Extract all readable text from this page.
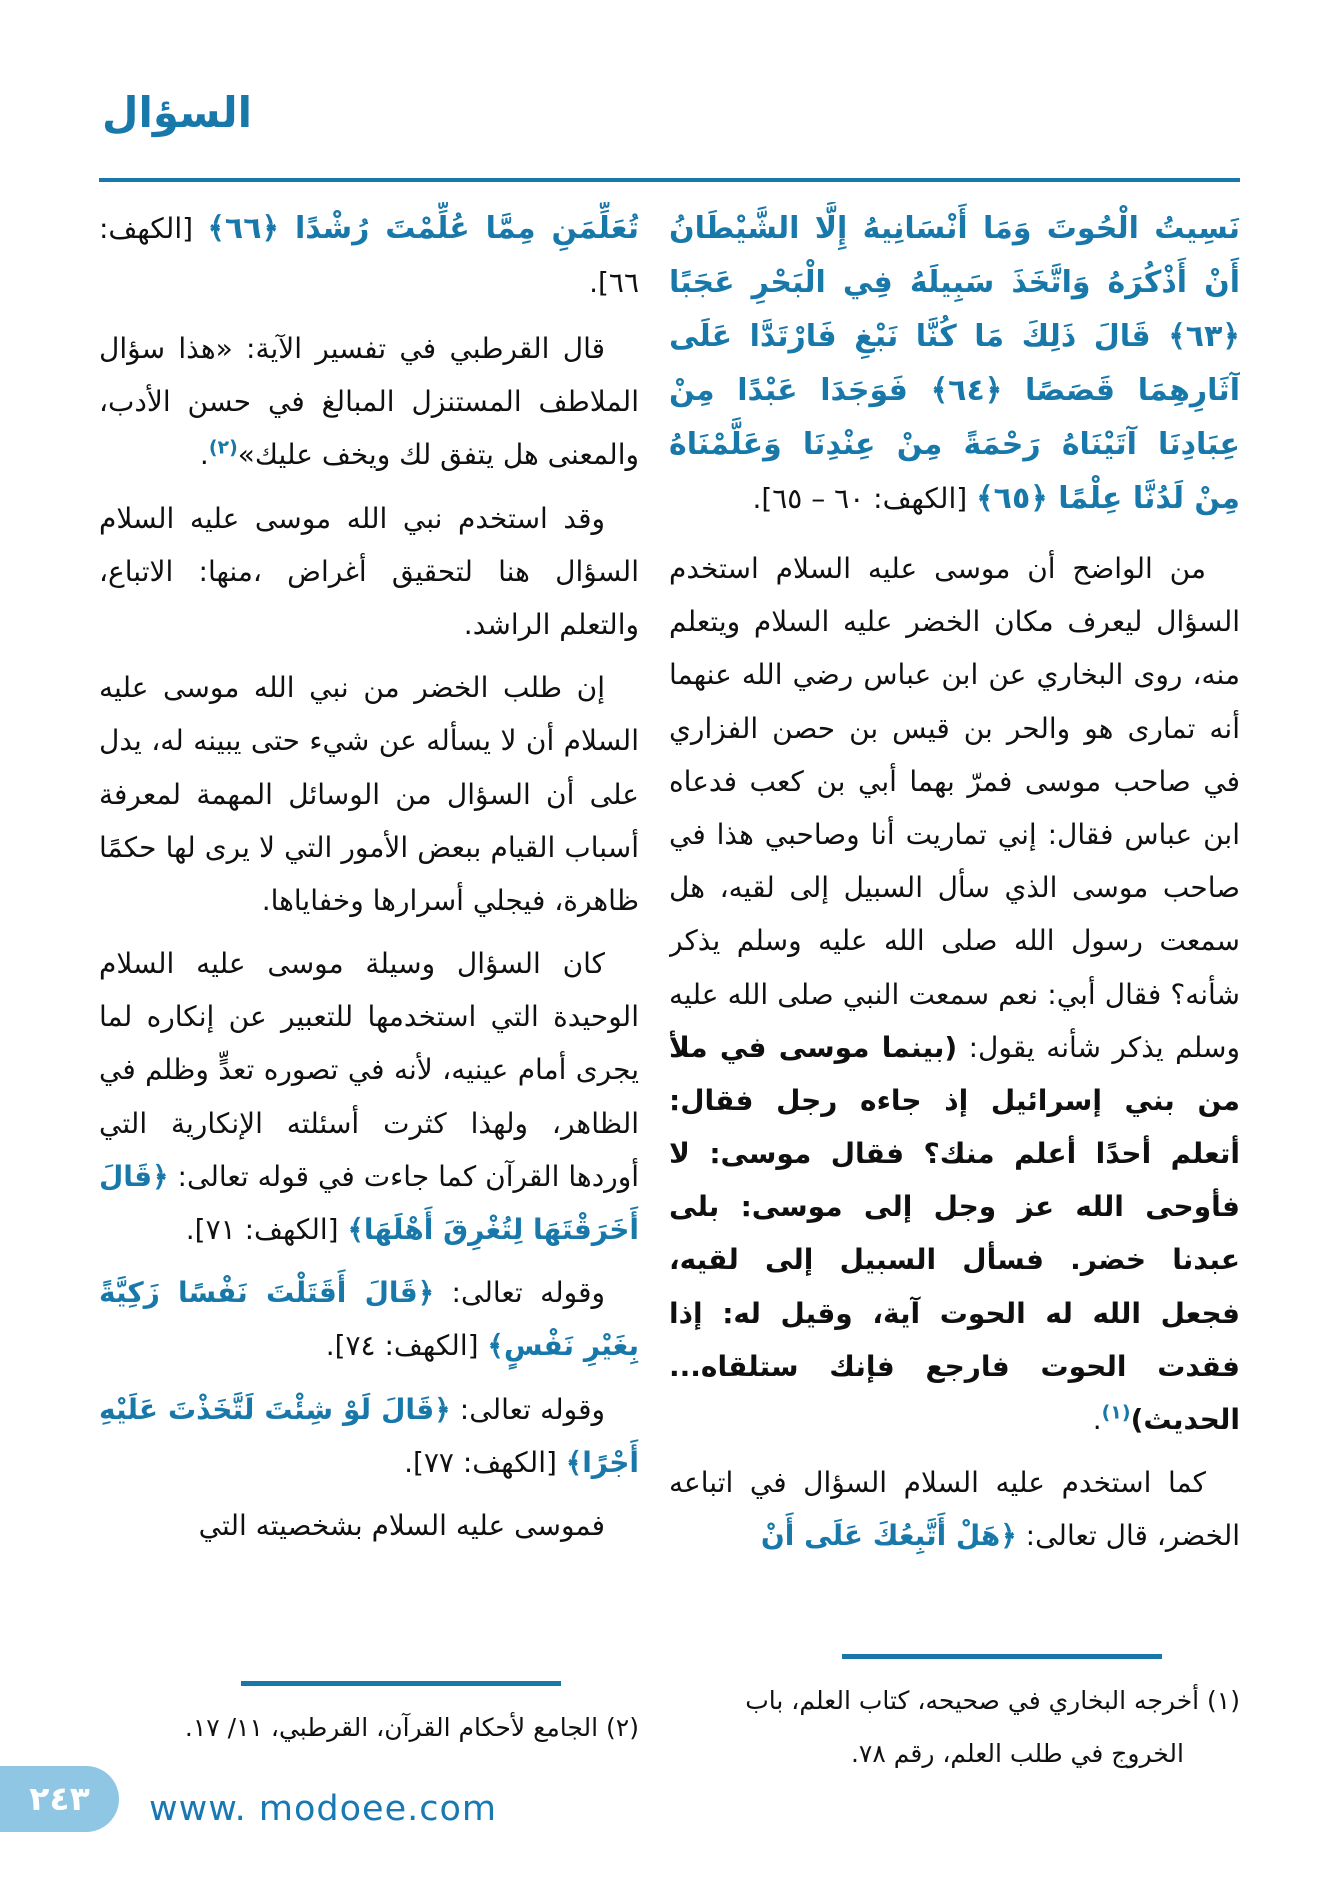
السؤال

نَسِيتُ الْحُوتَ وَمَا أَنْسَانِيهُ إِلَّا الشَّيْطَانُ أَنْ أَذْكُرَهُ وَاتَّخَذَ سَبِيلَهُ فِي الْبَحْرِ عَجَبًا ﴿٦٣﴾ قَالَ ذَلِكَ مَا كُنَّا نَبْغِ فَارْتَدَّا عَلَى آثَارِهِمَا قَصَصًا ﴿٦٤﴾ فَوَجَدَا عَبْدًا مِنْ عِبَادِنَا آتَيْنَاهُ رَحْمَةً مِنْ عِنْدِنَا وَعَلَّمْنَاهُ مِنْ لَدُنَّا عِلْمًا ﴿٦٥﴾ [الكهف: ٦٠ – ٦٥].

من الواضح أن موسى عليه السلام استخدم السؤال ليعرف مكان الخضر عليه السلام ويتعلم منه، روى البخاري عن ابن عباس رضي الله عنهما أنه تمارى هو والحر بن قيس بن حصن الفزاري في صاحب موسى فمرّ بهما أبي بن كعب فدعاه ابن عباس فقال: إني تماريت أنا وصاحبي هذا في صاحب موسى الذي سأل السبيل إلى لقيه، هل سمعت رسول الله صلى الله عليه وسلم يذكر شأنه؟ فقال أبي: نعم سمعت النبي صلى الله عليه وسلم يذكر شأنه يقول: (بينما موسى في ملأ من بني إسرائيل إذ جاءه رجل فقال: أتعلم أحدًا أعلم منك؟ فقال موسى: لا فأوحى الله عز وجل إلى موسى: بلى عبدنا خضر. فسأل السبيل إلى لقيه، فجعل الله له الحوت آية، وقيل له: إذا فقدت الحوت فارجع فإنك ستلقاه... الحديث)$^{(١)}$.

كما استخدم عليه السلام السؤال في اتباعه الخضر، قال تعالى: ﴿هَلْ أَتَّبِعُكَ عَلَى أَنْ

(١) أخرجه البخاري في صحيحه، كتاب العلم، باب الخروج في طلب العلم، رقم ٧٨.

تُعَلِّمَنِ مِمَّا عُلِّمْتَ رُشْدًا ﴿٦٦﴾ [الكهف: ٦٦].

قال القرطبي في تفسير الآية: «هذا سؤال الملاطف المستنزل المبالغ في حسن الأدب، والمعنى هل يتفق لك ويخف عليك»$^{(٢)}$.

وقد استخدم نبي الله موسى عليه السلام السؤال هنا لتحقيق أغراض ،منها: الاتباع، والتعلم الراشد.

إن طلب الخضر من نبي الله موسى عليه السلام أن لا يسأله عن شيء حتى يبينه له، يدل على أن السؤال من الوسائل المهمة لمعرفة أسباب القيام ببعض الأمور التي لا يرى لها حكمًا ظاهرة، فيجلي أسرارها وخفاياها.

كان السؤال وسيلة موسى عليه السلام الوحيدة التي استخدمها للتعبير عن إنكاره لما يجرى أمام عينيه، لأنه في تصوره تعدٍّ وظلم في الظاهر، ولهذا كثرت أسئلته الإنكارية التي أوردها القرآن كما جاءت في قوله تعالى: ﴿قَالَ أَخَرَقْتَهَا لِتُغْرِقَ أَهْلَهَا﴾ [الكهف: ٧١].

وقوله تعالى: ﴿قَالَ أَقَتَلْتَ نَفْسًا زَكِيَّةً بِغَيْرِ نَفْسٍ﴾ [الكهف: ٧٤].

وقوله تعالى: ﴿قَالَ لَوْ شِئْتَ لَتَّخَذْتَ عَلَيْهِ أَجْرًا﴾ [الكهف: ٧٧].

فموسى عليه السلام بشخصيته التي

(٢) الجامع لأحكام القرآن، القرطبي، ١١/ ١٧.

٢٤٣	www. modoee.com
